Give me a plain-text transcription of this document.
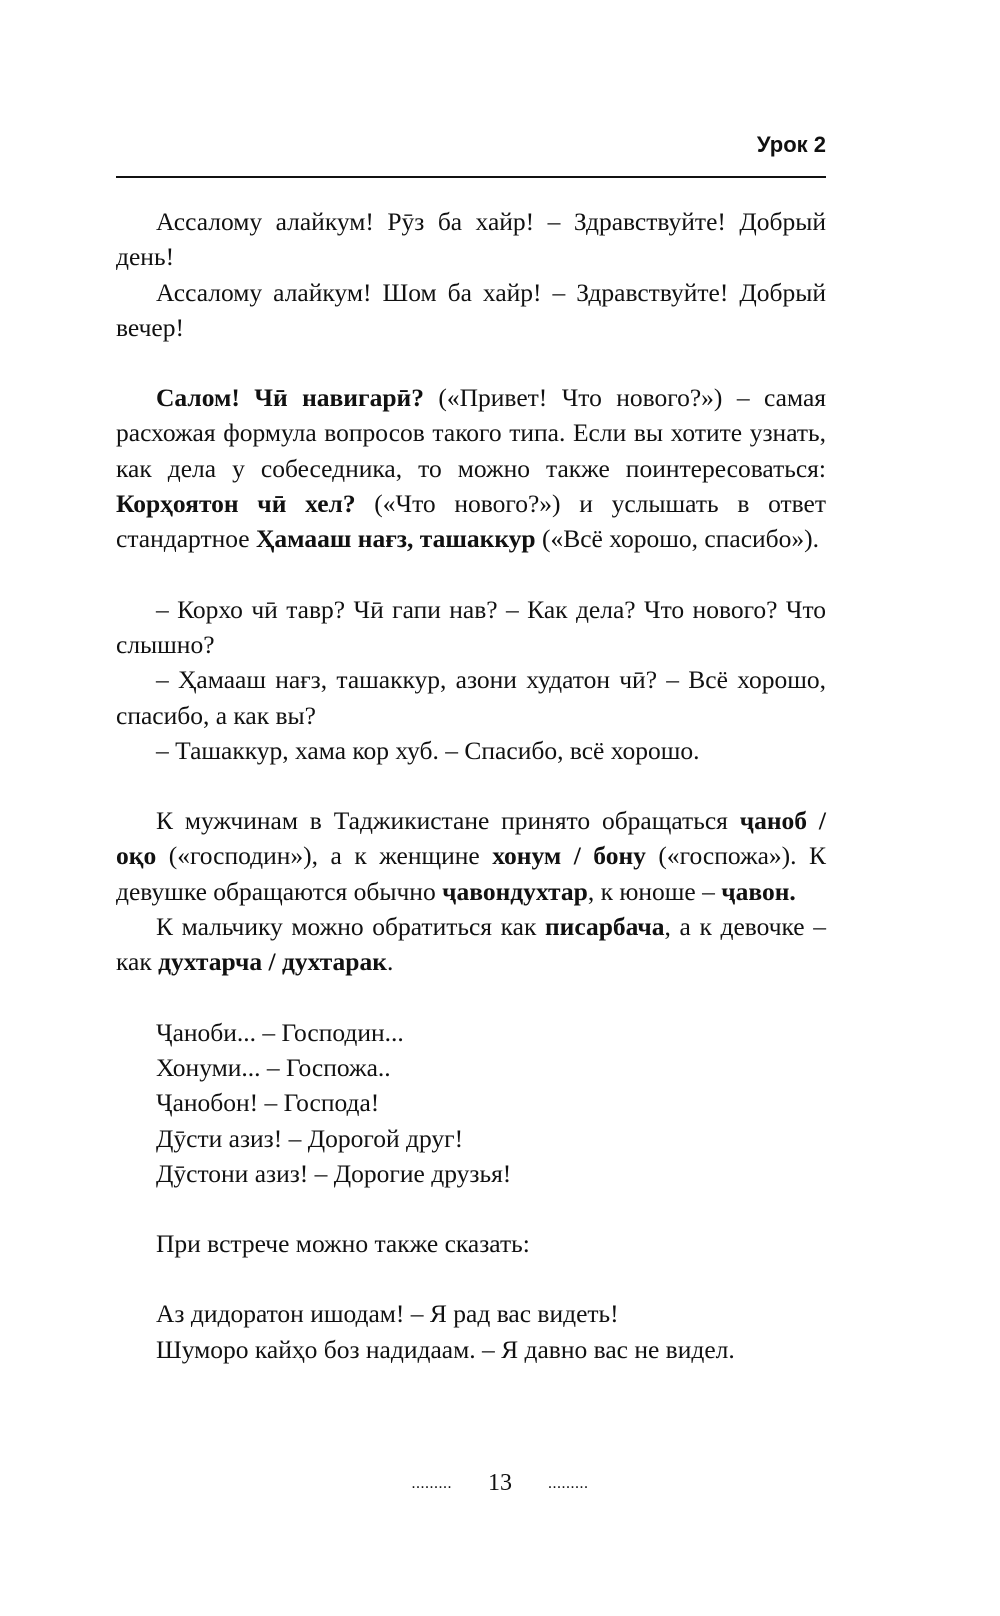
Урок 2

Ассалому алайкум! Рӯз ба хайр! – Здравствуйте! Добрый день!

Ассалому алайкум! Шом ба хайр! – Здравствуйте! Добрый вечер!

Салом! Чӣ навигарӣ? («Привет! Что нового?») – самая расхожая формула вопросов такого типа. Если вы хотите узнать, как дела у собеседника, то можно также поинтересоваться: Корҳоятон чӣ хел? («Что нового?») и услышать в ответ стандартное Ҳамааш нағз, ташаккур («Всё хорошо, спасибо»).

– Корхо чӣ тавр? Чӣ гапи нав? – Как дела? Что нового? Что слышно?

– Ҳамааш нағз, ташаккур, азони худатон чӣ? – Всё хорошо, спасибо, а как вы?

– Ташаккур, хама кор хуб. – Спасибо, всё хорошо.

К мужчинам в Таджикистане принято обращаться ҷаноб / оқо («господин»), а к женщине хонум / бону («госпожа»). К девушке обращаются обычно ҷавондухтар, к юноше – ҷавон.

К мальчику можно обратиться как писарбача, а к девочке – как духтарча / духтарак.

Ҷаноби... – Господин...

Хонуми... – Госпожа..

Ҷанобон! – Господа!

Дӯсти азиз! – Дорогой друг!

Дӯстони азиз! – Дорогие друзья!

При встрече можно также сказать:

Аз дидоратон ишодам! – Я рад вас видеть!

Шуморо кайҳо боз надидаам. – Я давно вас не видел.

......... 13 .........
